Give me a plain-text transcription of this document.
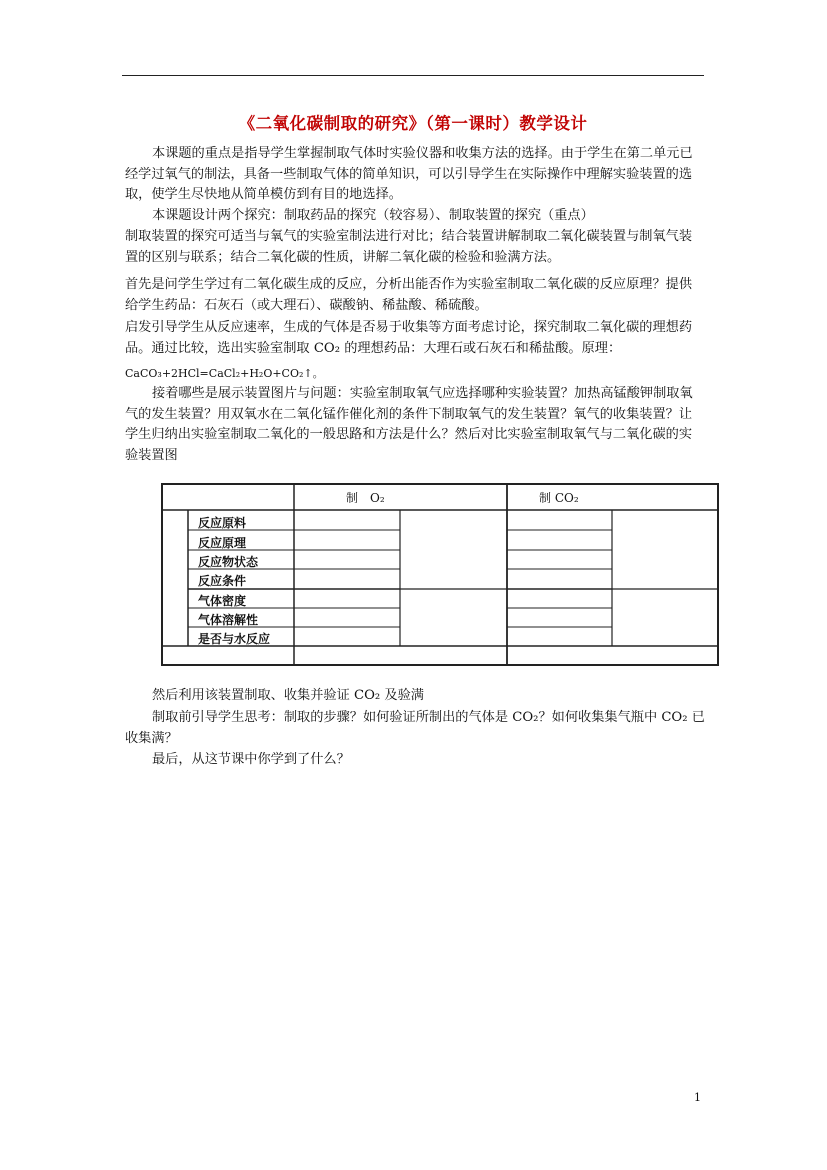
《二氧化碳制取的研究》（第一课时）教学设计

本课题的重点是指导学生掌握制取气体时实验仪器和收集方法的选择。由于学生在第二单元已经学过氧气的制法，具备一些制取气体的简单知识，可以引导学生在实际操作中理解实验装置的选取，使学生尽快地从简单模仿到有目的地选择。

本课题设计两个探究：制取药品的探究（较容易）、制取装置的探究（重点）

制取装置的探究可适当与氧气的实验室制法进行对比；结合装置讲解制取二氧化碳装置与制氧气装置的区别与联系；结合二氧化碳的性质，讲解二氧化碳的检验和验满方法。

首先是问学生学过有二氧化碳生成的反应，分析出能否作为实验室制取二氧化碳的反应原理？提供给学生药品：石灰石（或大理石）、碳酸钠、稀盐酸、稀硫酸。

启发引导学生从反应速率，生成的气体是否易于收集等方面考虑讨论，探究制取二氧化碳的理想药品。通过比较，选出实验室制取 CO₂ 的理想药品：大理石或石灰石和稀盐酸。原理：

CaCO₃+2HCl=CaCl₂+H₂O+CO₂↑。

接着哪些是展示装置图片与问题：实验室制取氧气应选择哪种实验装置？加热高锰酸钾制取氧气的发生装置？用双氧水在二氧化锰作催化剂的条件下制取氧气的发生装置？氧气的收集装置？让学生归纳出实验室制取二氧化的一般思路和方法是什么？然后对比实验室制取氧气与二氧化碳的实验装置图

制　O₂	制 CO₂
反应原料
反应原理
反应物状态
反应条件
气体密度
气体溶解性
是否与水反应

然后利用该装置制取、收集并验证 CO₂ 及验满

制取前引导学生思考：制取的步骤？如何验证所制出的气体是 CO₂？如何收集集气瓶中 CO₂ 已收集满？

最后，从这节课中你学到了什么？

1
